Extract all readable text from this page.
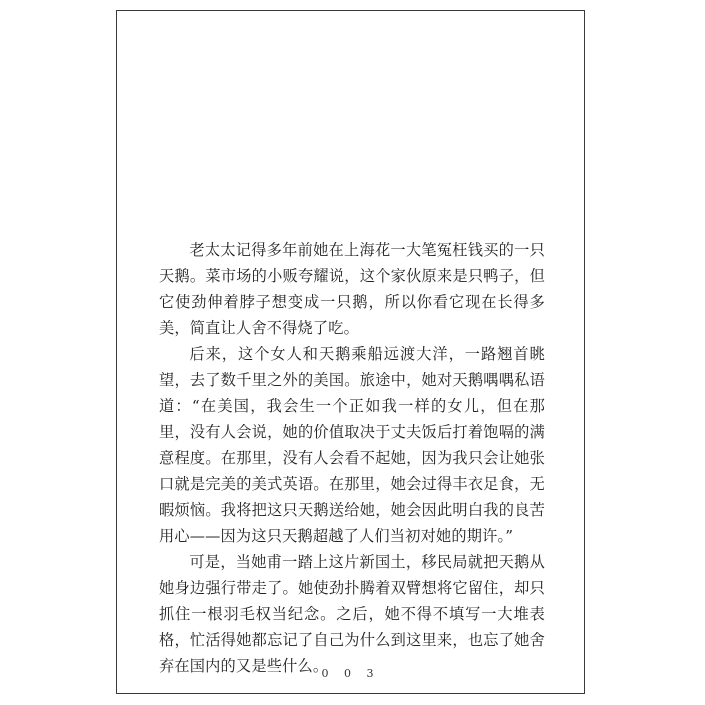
老太太记得多年前她在上海花一大笔冤枉钱买的一只天鹅。菜市场的小贩夸耀说，这个家伙原来是只鸭子，但它使劲伸着脖子想变成一只鹅，所以你看它现在长得多美，简直让人舍不得烧了吃。

后来，这个女人和天鹅乘船远渡大洋，一路翘首眺望，去了数千里之外的美国。旅途中，她对天鹅喁喁私语道：“在美国，我会生一个正如我一样的女儿，但在那里，没有人会说，她的价值取决于丈夫饭后打着饱嗝的满意程度。在那里，没有人会看不起她，因为我只会让她张口就是完美的美式英语。在那里，她会过得丰衣足食，无暇烦恼。我将把这只天鹅送给她，她会因此明白我的良苦用心——因为这只天鹅超越了人们当初对她的期许。”

可是，当她甫一踏上这片新国土，移民局就把天鹅从她身边强行带走了。她使劲扑腾着双臂想将它留住，却只抓住一根羽毛权当纪念。之后，她不得不填写一大堆表格，忙活得她都忘记了自己为什么到这里来，也忘了她舍弃在国内的又是些什么。

0 0 3
